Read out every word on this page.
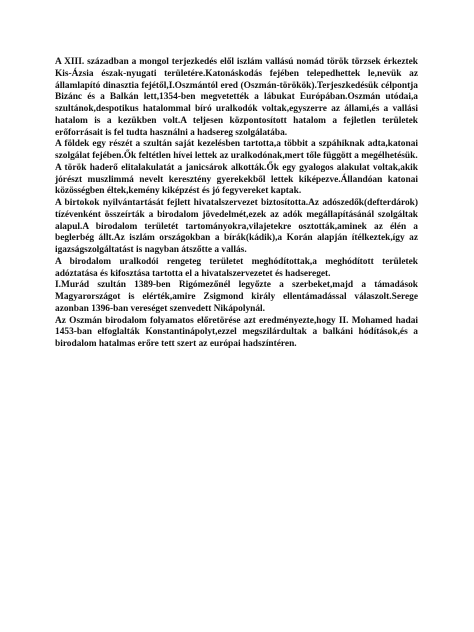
A XIII. században a mongol terjezkedés elől iszlám vallású nomád török törzsek érkeztek Kis-Ázsia észak-nyugati területére.Katonáskodás fejében telepedhettek le,nevük az államlapító dinasztia fejétől,I.Oszmántól ered (Oszmán-törökök).Terjeszkedésük célpontja Bizánc és a Balkán lett,1354-ben megvetették a lábukat Európában.Oszmán utódai,a szultánok,despotikus hatalommal bíró uralkodók voltak,egyszerre az állami,és a vallási hatalom is a kezükben volt.A teljesen központosított hatalom a fejletlen területek erőforrásait is fel tudta használni a hadsereg szolgálatába.

A földek egy részét a szultán saját kezelésben tartotta,a többit a szpáhiknak adta,katonai szolgálat fejében.Ők feltétlen hívei lettek az uralkodónak,mert tőle függött a megélhetésük.

A török haderő elitalakulatát a janicsárok alkották.Ők egy gyalogos alakulat voltak,akik jórészt muszlimmá nevelt keresztény gyerekekből lettek kiképezve.Állandóan katonai közösségben éltek,kemény kiképzést és jó fegyvereket kaptak.

A birtokok nyilvántartását fejlett hivatalszervezet biztosította.Az adószedők(defterdárok) tízévenként összeírták a birodalom jövedelmét,ezek az adók megállapításánál szolgáltak alapul.A birodalom területét tartományokra,vilajetekre osztották,aminek az élén a beglerbég állt.Az iszlám országokban a bírák(kádik),a Korán alapján ítélkeztek,így az igazságszolgáltatást is nagyban átszőtte a vallás.

A birodalom uralkodói rengeteg területet meghódítottak,a meghódított területek adóztatása és kifosztása tartotta el a hivatalszervezetet és hadsereget.

I.Murád szultán 1389-ben Rigómezőnél legyőzte a szerbeket,majd a támadások Magyarországot is elérték,amire Zsigmond király ellentámadással válaszolt.Serege azonban 1396-ban vereséget szenvedett Nikápolynál.

Az Oszmán birodalom folyamatos előretörése azt eredményezte,hogy II. Mohamed hadai 1453-ban elfoglalták Konstantinápolyt,ezzel megszilárdultak a balkáni hódítások,és a birodalom hatalmas erőre tett szert az európai hadszíntéren.
